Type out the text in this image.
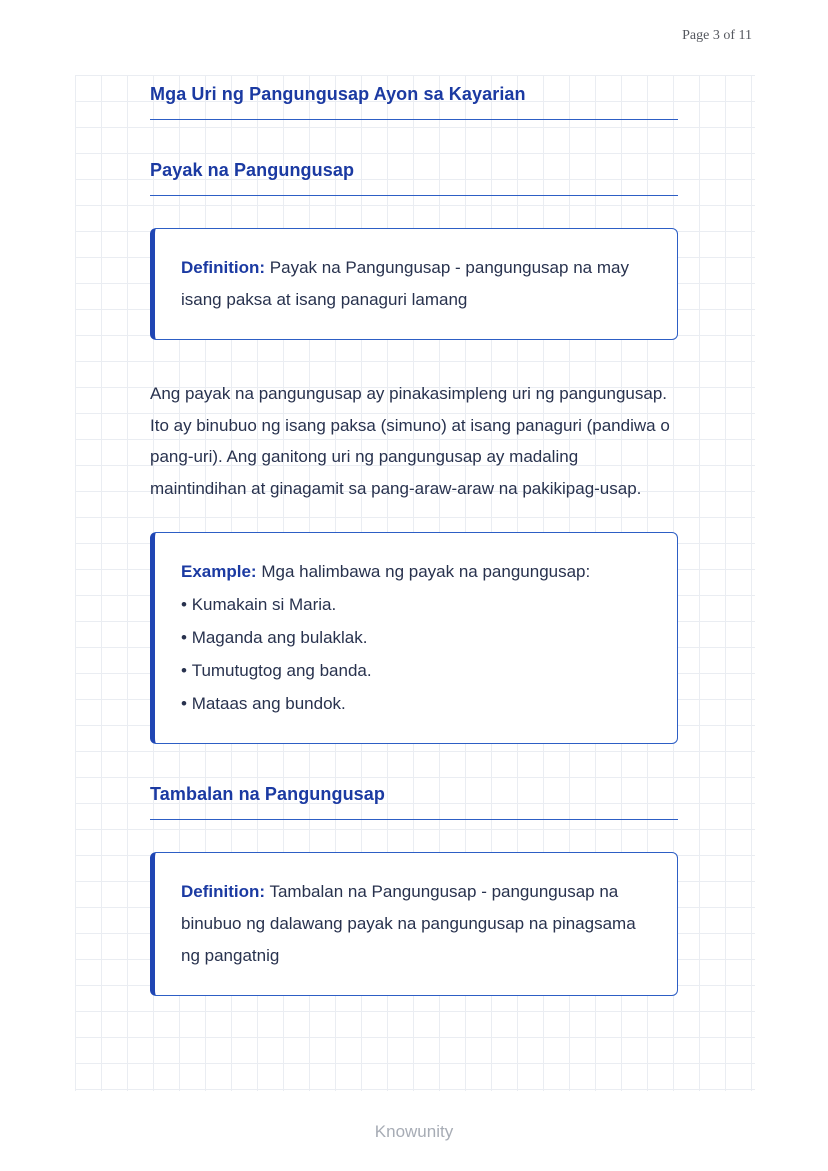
Page 3 of 11
Mga Uri ng Pangungusap Ayon sa Kayarian
Payak na Pangungusap

Definition: Payak na Pangungusap - pangungusap na may isang paksa at isang panaguri lamang

Ang payak na pangungusap ay pinakasimpleng uri ng pangungusap. Ito ay binubuo ng isang paksa (simuno) at isang panaguri (pandiwa o pang-uri). Ang ganitong uri ng pangungusap ay madaling maintindihan at ginagamit sa pang-araw-araw na pakikipag-usap.

Example: Mga halimbawa ng payak na pangungusap:

• Kumakain si Maria.
• Maganda ang bulaklak.
• Tumutugtog ang banda.
• Mataas ang bundok.
Tambalan na Pangungusap

Definition: Tambalan na Pangungusap - pangungusap na binubuo ng dalawang payak na pangungusap na pinagsama ng pangatnig

Knowunity
